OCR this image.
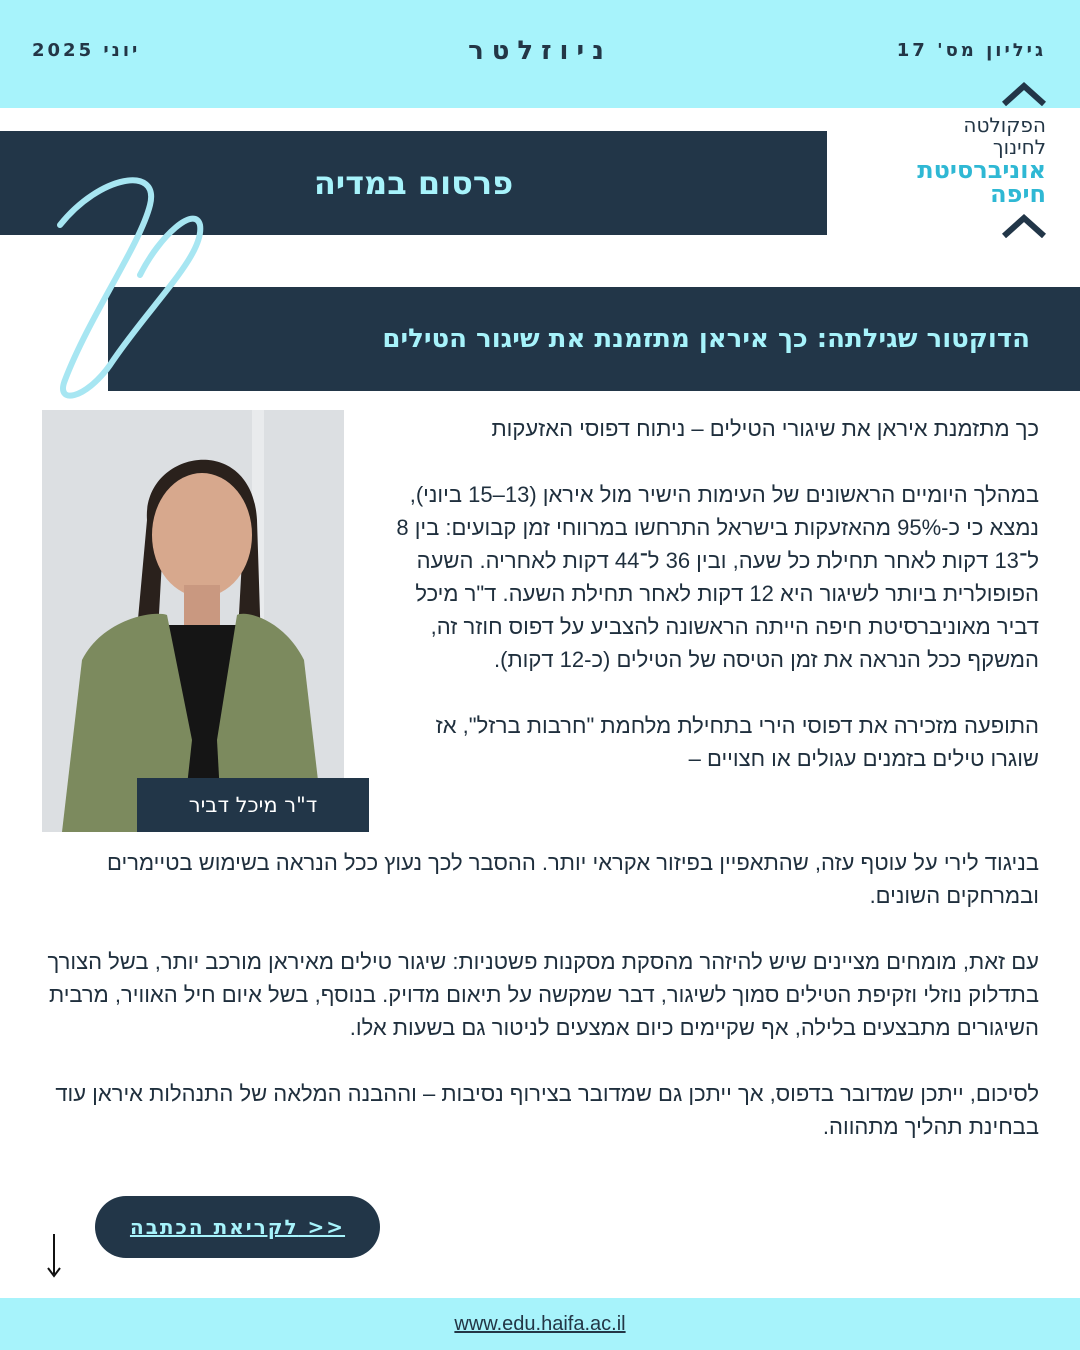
גיליון מס' 17
ניוזלטר
יוני 2025
הפקולטה
לחינוך
אוניברסיטת
חיפה
פרסום במדיה
הדוקטור שגילתה: כך איראן מתזמנת את שיגור הטילים
ד"ר מיכל דביר

כך מתזמנת איראן את שיגורי הטילים – ניתוח דפוסי האזעקות

במהלך היומיים הראשונים של העימות הישיר מול איראן (13–15 ביוני), נמצא כי כ-95% מהאזעקות בישראל התרחשו במרווחי זמן קבועים: בין 8 ל־13 דקות לאחר תחילת כל שעה, ובין 36 ל־44 דקות לאחריה. השעה הפופולרית ביותר לשיגור היא 12 דקות לאחר תחילת השעה. ד"ר מיכל דביר מאוניברסיטת חיפה הייתה הראשונה להצביע על דפוס חוזר זה, המשקף ככל הנראה את זמן הטיסה של הטילים (כ-12 דקות).

התופעה מזכירה את דפוסי הירי בתחילת מלחמת "חרבות ברזל", אז שוגרו טילים בזמנים עגולים או חצויים –

בניגוד לירי על עוטף עזה, שהתאפיין בפיזור אקראי יותר. ההסבר לכך נעוץ ככל הנראה בשימוש בטיימרים ובמרחקים השונים.

עם זאת, מומחים מציינים שיש להיזהר מהסקת מסקנות פשטניות: שיגור טילים מאיראן מורכב יותר, בשל הצורך בתדלוק נוזלי וזקיפת הטילים סמוך לשיגור, דבר שמקשה על תיאום מדויק. בנוסף, בשל איום חיל האוויר, מרבית השיגורים מתבצעים בלילה, אף שקיימים כיום אמצעים לניטור גם בשעות אלו.

לסיכום, ייתכן שמדובר בדפוס, אך ייתכן גם שמדובר בצירוף נסיבות – וההבנה המלאה של התנהלות איראן עוד בבחינת תהליך מתהווה.

לקריאת הכתבה >>
www.edu.haifa.ac.il
